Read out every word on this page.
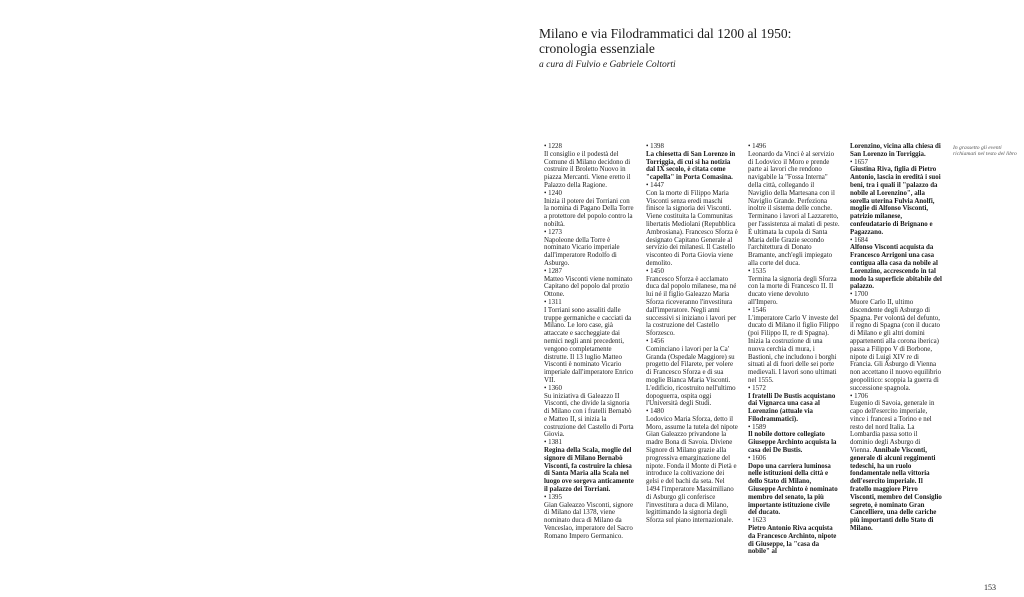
Milano e via Filodrammatici dal 1200 al 1950:
cronologia essenziale
a cura di Fulvio e Gabriele Coltorti

• 1228

Il consiglio e il podestà del Comune di Milano decidono di costruire il Broletto Nuovo in piazza Mercanti. Viene eretto il Palazzo della Ragione.

• 1240

Inizia il potere dei Torriani con la nomina di Pagano Della Torre a protettore del popolo contro la nobiltà.

• 1273

Napoleone della Torre è nominato Vicario imperiale dall'imperatore Rodolfo di Asburgo.

• 1287

Matteo Visconti viene nominato Capitano del popolo dal prozio Ottone.

• 1311

I Torriani sono assaliti dalle truppe germaniche e cacciati da Milano. Le loro case, già attaccate e saccheggiate dai nemici negli anni precedenti, vengono completamente distrutte. Il 13 luglio Matteo Visconti è nominato Vicario imperiale dall'imperatore Enrico VII.

• 1360

Su iniziativa di Galeazzo II Visconti, che divide la signoria di Milano con i fratelli Bernabò e Matteo II, si inizia la costruzione del Castello di Porta Giovia.

• 1381

Regina della Scala, moglie del signore di Milano Bernabò Visconti, fa costruire la chiesa di Santa Maria alla Scala nel luogo ove sorgeva anticamente il palazzo dei Torriani.

• 1395

Gian Galeazzo Visconti, signore di Milano dal 1378, viene nominato duca di Milano da Venceslao, imperatore del Sacro Romano Impero Germanico.

• 1398

La chiesetta di San Lorenzo in Torriggia, di cui si ha notizia dal IX secolo, è citata come "capella" in Porta Comasina.

• 1447

Con la morte di Filippo Maria Visconti senza eredi maschi finisce la signoria dei Visconti. Viene costituita la Communitas libertatis Mediolani (Repubblica Ambrosiana). Francesco Sforza è designato Capitano Generale al servizio dei milanesi. Il Castello visconteo di Porta Giovia viene demolito.

• 1450

Francesco Sforza è acclamato duca dal popolo milanese, ma né lui né il figlio Galeazzo Maria Sforza riceveranno l'investitura dall'imperatore. Negli anni successivi si iniziano i lavori per la costruzione del Castello Sforzesco.

• 1456

Cominciano i lavori per la Ca' Granda (Ospedale Maggiore) su progetto del Filarete, per volere di Francesco Sforza e di sua moglie Bianca Maria Visconti. L'edificio, ricostruito nell'ultimo dopoguerra, ospita oggi l'Università degli Studi.

• 1480

Lodovico Maria Sforza, detto il Moro, assume la tutela del nipote Gian Galeazzo privandone la madre Bona di Savoia. Diviene Signore di Milano grazie alla progressiva emarginazione del nipote. Fonda il Monte di Pietà e introduce la coltivazione dei gelsi e del bachi da seta. Nel 1494 l'imperatore Massimiliano di Asburgo gli conferisce l'investitura a duca di Milano, legittimando la signoria degli Sforza sul piano internazionale.

• 1496

Leonardo da Vinci è al servizio di Lodovico il Moro e prende parte ai lavori che rendono navigabile la "Fossa Interna" della città, collegando il Naviglio della Martesana con il Naviglio Grande. Perfeziona inoltre il sistema delle conche. Terminano i lavori al Lazzaretto, per l'assistenza ai malati di peste. È ultimata la cupola di Santa Maria delle Grazie secondo l'architettura di Donato Bramante, anch'egli impiegato alla corte del duca.

• 1535

Termina la signoria degli Sforza con la morte di Francesco II. Il ducato viene devoluto all'Impero.

• 1546

L'imperatore Carlo V investe del ducato di Milano il figlio Filippo (poi Filippo II, re di Spagna). Inizia la costruzione di una nuova cerchia di mura, i Bastioni, che includono i borghi situati al di fuori delle sei porte medievali. I lavori sono ultimati nel 1555.

• 1572

I fratelli De Bustis acquistano dai Vignarca una casa al Lorenzino (attuale via Filodrammatici).

• 1589

Il nobile dottore collegiato Giuseppe Archinto acquista la casa dei De Bustis.

• 1606

Dopo una carriera luminosa nelle istituzioni della città e dello Stato di Milano, Giuseppe Archinto è nominato membro del senato, la più importante istituzione civile del ducato.

• 1623

Pietro Antonio Riva acquista da Francesco Archinto, nipote di Giuseppe, la "casa da nobile" al

Lorenzino, vicina alla chiesa di San Lorenzo in Torriggia.

• 1657

Giustina Riva, figlia di Pietro Antonio, lascia in eredità i suoi beni, tra i quali il "palazzo da nobile al Lorenzino", alla sorella uterina Fulvia Anolfi, moglie di Alfonso Visconti, patrizio milanese, confeudatario di Brignano e Pagazzano.

• 1684

Alfonso Visconti acquista da Francesco Arrigoni una casa contigua alla casa da nobile al Lorenzino, accrescendo in tal modo la superficie abitabile del palazzo.

• 1700

Muore Carlo II, ultimo discendente degli Asburgo di Spagna. Per volontà del defunto, il regno di Spagna (con il ducato di Milano e gli altri domini appartenenti alla corona iberica) passa a Filippo V di Borbone, nipote di Luigi XIV re di Francia. Gli Asburgo di Vienna non accettano il nuovo equilibrio geopolitico: scoppia la guerra di successione spagnola.

• 1706

Eugenio di Savoia, generale in capo dell'esercito imperiale, vince i francesi a Torino e nel resto del nord Italia. La Lombardia passa sotto il dominio degli Asburgo di Vienna. Annibale Visconti, generale di alcuni reggimenti tedeschi, ha un ruolo fondamentale nella vittoria dell'esercito imperiale. Il fratello maggiore Pirro Visconti, membro del Consiglio segreto, è nominato Gran Cancelliere, una delle cariche più importanti dello Stato di Milano.

In grassetto gli eventi richiamati nel testo del libro
153
